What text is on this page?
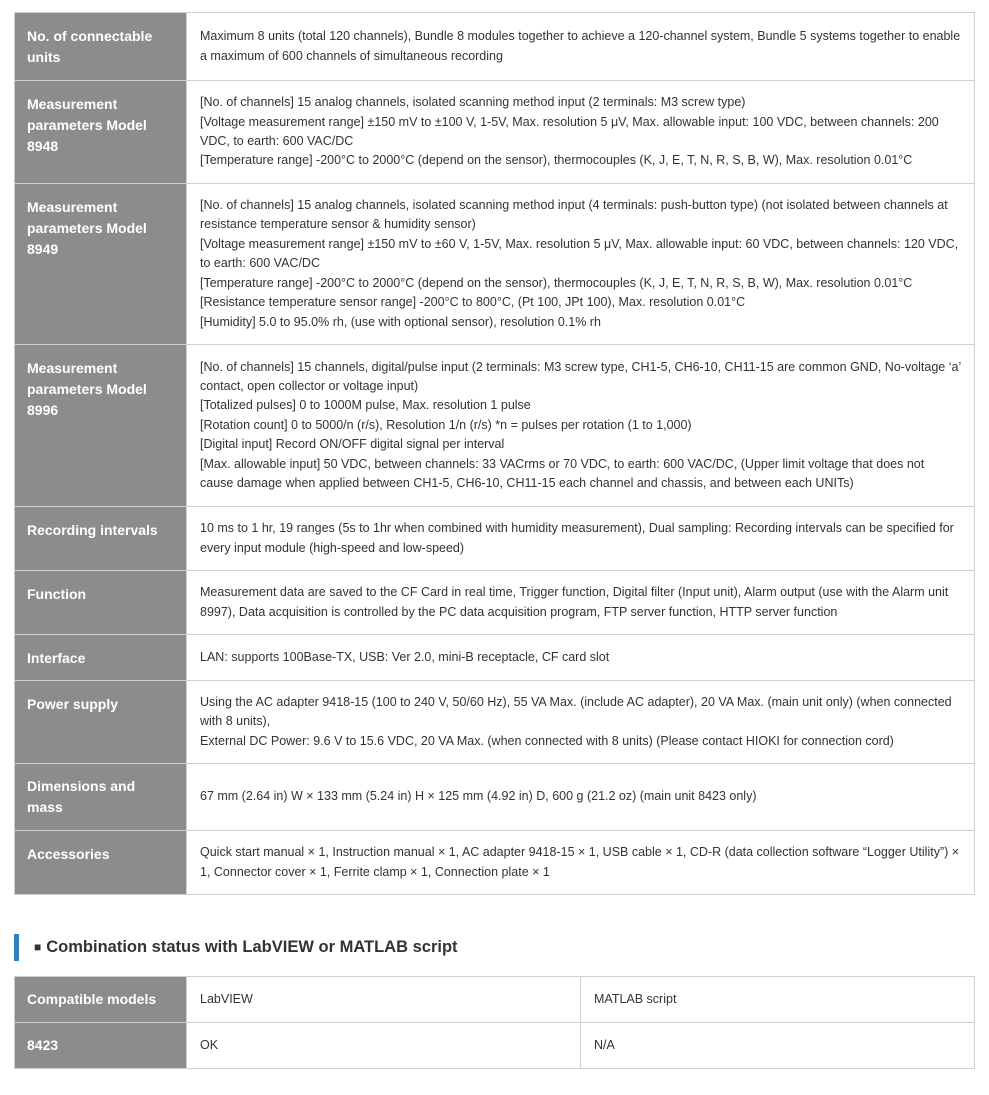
No. of connectable units	Maximum 8 units (total 120 channels), Bundle 8 modules together to achieve a 120-channel system, Bundle 5 systems together to enable a maximum of 600 channels of simultaneous recording

Measurement parameters Model 8948	[No. of channels] 15 analog channels, isolated scanning method input (2 terminals: M3 screw type)
[Voltage measurement range] ±150 mV to ±100 V, 1-5V, Max. resolution 5 μV, Max. allowable input: 100 VDC, between channels: 200 VDC, to earth: 600 VAC/DC
[Temperature range] -200°C to 2000°C (depend on the sensor), thermocouples (K, J, E, T, N, R, S, B, W), Max. resolution 0.01°C

Measurement parameters Model 8949	[No. of channels] 15 analog channels, isolated scanning method input (4 terminals: push-button type) (not isolated between channels at resistance temperature sensor & humidity sensor)
[Voltage measurement range] ±150 mV to ±60 V, 1-5V, Max. resolution 5 μV, Max. allowable input: 60 VDC, between channels: 120 VDC, to earth: 600 VAC/DC
[Temperature range] -200°C to 2000°C (depend on the sensor), thermocouples (K, J, E, T, N, R, S, B, W), Max. resolution 0.01°C
[Resistance temperature sensor range] -200°C to 800°C, (Pt 100, JPt 100), Max. resolution 0.01°C
[Humidity] 5.0 to 95.0% rh, (use with optional sensor), resolution 0.1% rh

Measurement parameters Model 8996	[No. of channels] 15 channels, digital/pulse input (2 terminals: M3 screw type, CH1-5, CH6-10, CH11-15 are common GND, No-voltage ‘a’ contact, open collector or voltage input)
[Totalized pulses] 0 to 1000M pulse, Max. resolution 1 pulse
[Rotation count] 0 to 5000/n (r/s), Resolution 1/n (r/s) *n = pulses per rotation (1 to 1,000)
[Digital input] Record ON/OFF digital signal per interval
[Max. allowable input] 50 VDC, between channels: 33 VACrms or 70 VDC, to earth: 600 VAC/DC, (Upper limit voltage that does not cause damage when applied between CH1-5, CH6-10, CH11-15 each channel and chassis, and between each UNITs)

Recording intervals	10 ms to 1 hr, 19 ranges (5s to 1hr when combined with humidity measurement), Dual sampling: Recording intervals can be specified for every input module (high-speed and low-speed)

Function	Measurement data are saved to the CF Card in real time, Trigger function, Digital filter (Input unit), Alarm output (use with the Alarm unit 8997), Data acquisition is controlled by the PC data acquisition program, FTP server function, HTTP server function

Interface	LAN: supports 100Base-TX, USB: Ver 2.0, mini-B receptacle, CF card slot

Power supply	Using the AC adapter 9418-15 (100 to 240 V, 50/60 Hz), 55 VA Max. (include AC adapter), 20 VA Max. (main unit only) (when connected with 8 units),
External DC Power: 9.6 V to 15.6 VDC, 20 VA Max. (when connected with 8 units) (Please contact HIOKI for connection cord)

Dimensions and mass	67 mm (2.64 in) W × 133 mm (5.24 in) H × 125 mm (4.92 in) D, 600 g (21.2 oz) (main unit 8423 only)

Accessories	Quick start manual × 1, Instruction manual × 1, AC adapter 9418-15 × 1, USB cable × 1, CD-R (data collection software “Logger Utility”) × 1, Connector cover × 1, Ferrite clamp × 1, Connection plate × 1
■ Combination status with LabVIEW or MATLAB script
Compatible models	LabVIEW	MATLAB script
8423	OK	N/A
